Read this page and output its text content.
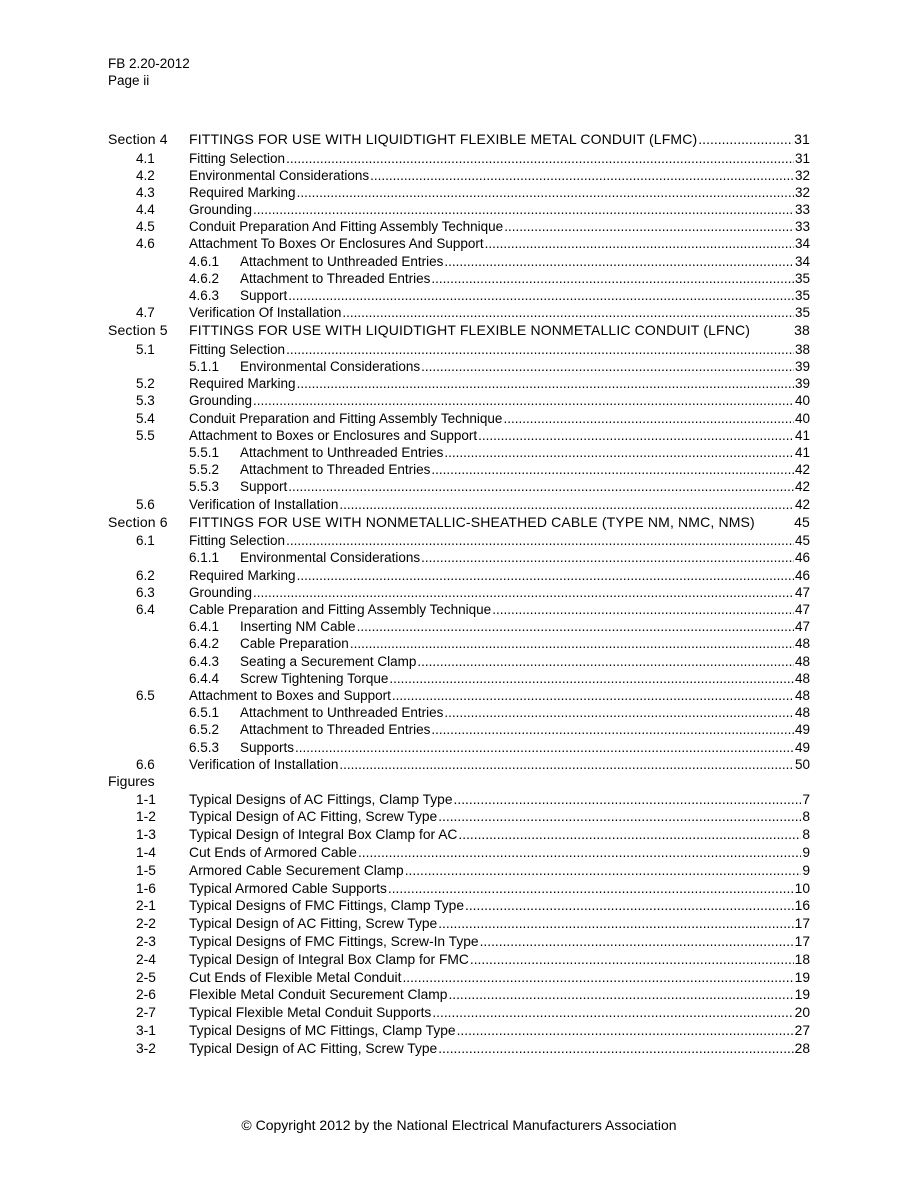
FB 2.20-2012
Page ii
Section 4 FITTINGS FOR USE WITH LIQUIDTIGHT FLEXIBLE METAL CONDUIT (LFMC) .....	31
4.1	Fitting Selection .....	31
4.2	Environmental Considerations .....	32
4.3	Required Marking .....	32
4.4	Grounding .....	33
4.5	Conduit Preparation And Fitting Assembly Technique .....	33
4.6	Attachment To Boxes Or Enclosures And Support .....	34
4.6.1 Attachment to Unthreaded Entries .....	34
4.6.2 Attachment to Threaded Entries .....	35
4.6.3 Support .....	35
4.7	Verification Of Installation .....	35
Section 5 FITTINGS FOR USE WITH LIQUIDTIGHT FLEXIBLE NONMETALLIC CONDUIT (LFNC)	38
5.1	Fitting Selection .....	38
5.1.1 Environmental Considerations .....	39
5.2	Required Marking .....	39
5.3	Grounding .....	40
5.4	Conduit Preparation and Fitting Assembly Technique .....	40
5.5	Attachment to Boxes or Enclosures and Support .....	41
5.5.1 Attachment to Unthreaded Entries .....	41
5.5.2 Attachment to Threaded Entries .....	42
5.5.3 Support .....	42
5.6	Verification of Installation .....	42
Section 6 FITTINGS FOR USE WITH NONMETALLIC-SHEATHED CABLE (TYPE NM, NMC, NMS)	45
6.1	Fitting Selection .....	45
6.1.1 Environmental Considerations .....	46
6.2	Required Marking .....	46
6.3	Grounding .....	47
6.4	Cable Preparation and Fitting Assembly Technique .....	47
6.4.1 Inserting NM Cable .....	47
6.4.2 Cable Preparation .....	48
6.4.3 Seating a Securement Clamp .....	48
6.4.4 Screw Tightening Torque .....	48
6.5	Attachment to Boxes and Support .....	48
6.5.1 Attachment to Unthreaded Entries .....	48
6.5.2 Attachment to Threaded Entries .....	49
6.5.3 Supports .....	49
6.6	Verification of Installation .....	50
Figures
1-1 Typical Designs of AC Fittings, Clamp Type .....	7
1-2 Typical Design of AC Fitting, Screw Type .....	8
1-3 Typical Design of Integral Box Clamp for AC .....	8
1-4 Cut Ends of Armored Cable .....	9
1-5 Armored Cable Securement Clamp .....	9
1-6 Typical Armored Cable Supports .....	10
2-1 Typical Designs of FMC Fittings, Clamp Type .....	16
2-2 Typical Design of AC Fitting, Screw Type .....	17
2-3 Typical Designs of FMC Fittings, Screw-In Type .....	17
2-4 Typical Design of Integral Box Clamp for FMC .....	18
2-5 Cut Ends of Flexible Metal Conduit .....	19
2-6 Flexible Metal Conduit Securement Clamp .....	19
2-7 Typical Flexible Metal Conduit Supports .....	20
3-1 Typical Designs of MC Fittings, Clamp Type .....	27
3-2 Typical Design of AC Fitting, Screw Type .....	28
© Copyright 2012 by the National Electrical Manufacturers Association
